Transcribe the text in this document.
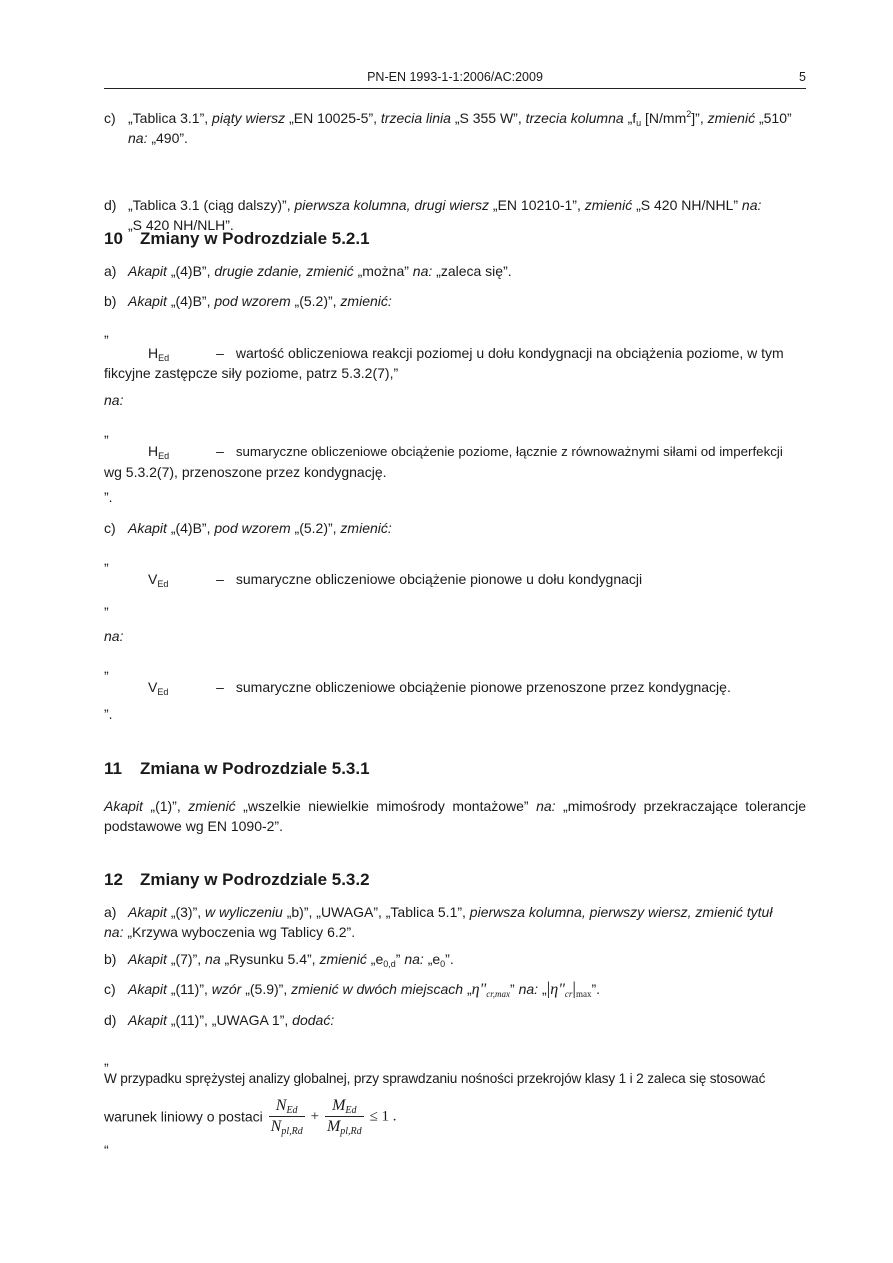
PN-EN 1993-1-1:2006/AC:2009	5
c) „Tablica 3.1”, piąty wiersz „EN 10025-5”, trzecia linia „S 355 W”, trzecia kolumna $„f_u$ $[N/mm^2]$”, zmienić „510”
na: „490”.
d) „Tablica 3.1 (ciąg dalszy)”, pierwsza kolumna, drugi wiersz „EN 10210-1”, zmienić „S 420 NH/NHL” na:
„S 420 NH/NLH”.
10 Zmiany w Podrozdziale 5.2.1
a) Akapit „(4)B”, drugie zdanie, zmienić „można” na: „zaleca się”.
b) Akapit „(4)B”, pod wzorem „(5.2)”, zmienić:
„
$H_{Ed}$	– wartość obliczeniowa reakcji poziomej u dołu kondygnacji na obciążenia poziome, w tym
fikcyjne zastępcze siły poziome, patrz 5.3.2(7),”
na:
„
$H_{Ed}$	– sumaryczne obliczeniowe obciążenie poziome, łącznie z równoważnymi siłami od imperfekcji
wg 5.3.2(7), przenoszone przez kondygnację.
”.
c) Akapit „(4)B”, pod wzorem „(5.2)”, zmienić:
„
$V_{Ed}$	– sumaryczne obliczeniowe obciążenie pionowe u dołu kondygnacji
”
na:
„
$V_{Ed}$	– sumaryczne obliczeniowe obciążenie pionowe przenoszone przez kondygnację.
”.
11 Zmiana w Podrozdziale 5.3.1
Akapit „(1)”, zmienić „wszelkie niewielkie mimośrody montażowe” na: „mimośrody przekraczające tolerancje podstawowe wg EN 1090-2”.
12 Zmiany w Podrozdziale 5.3.2
a) Akapit „(3)”, w wyliczeniu „b)”, „UWAGA”, „Tablica 5.1”, pierwsza kolumna, pierwszy wiersz, zmienić tytuł
na: „Krzywa wyboczenia wg Tablicy 6.2”.
b) Akapit „(7)”, na „Rysunku 5.4”, zmienić $„e_{0,d}$” na: $„e_0$”.
c) Akapit „(11)”, wzór „(5.9)”, zmienić w dwóch miejscach $„\eta"_{cr,max}$” na: $„|\eta"_{cr}|_{max}$”.
d) Akapit „(11)”, „UWAGA 1”, dodać:
„
W przypadku sprężystej analizy globalnej, przy sprawdzaniu nośności przekrojów klasy 1 i 2 zaleca się stosować
warunek liniowy o postaci
$N_{Ed}$
$N_{pl,Rd}$
+
$M_{Ed}$
$M_{pl,Rd}$
≤ 1 .
“
